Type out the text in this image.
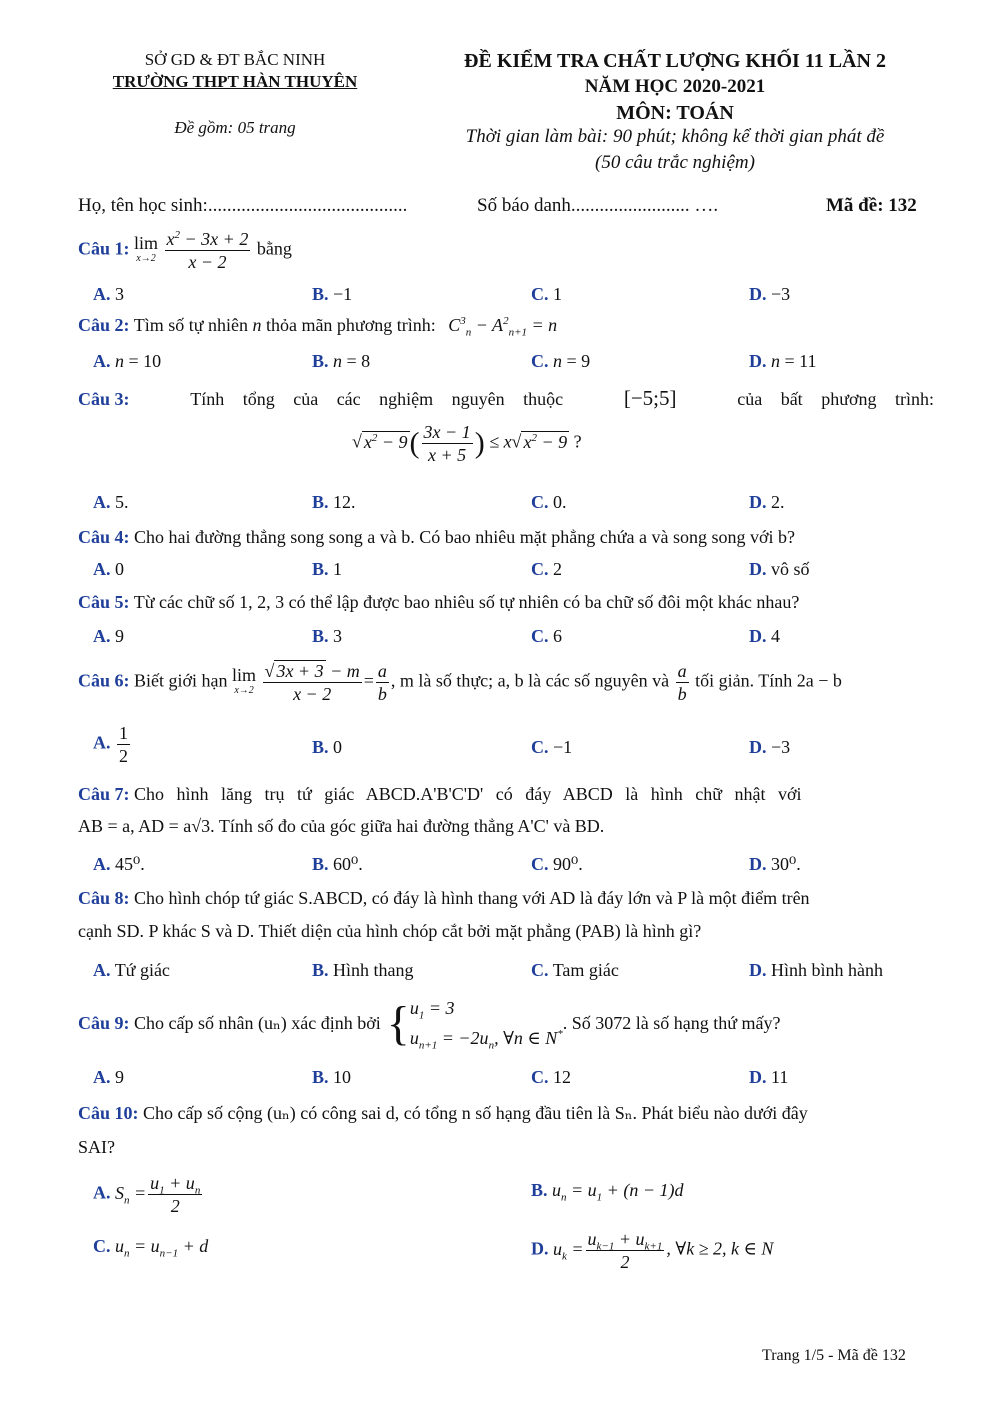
SỞ GD & ĐT BẮC NINH
TRƯỜNG THPT HÀN THUYÊN
Đề gồm: 05 trang
ĐỀ KIỂM TRA CHẤT LƯỢNG KHỐI 11 LẦN 2
NĂM HỌC 2020-2021
MÔN: TOÁN
Thời gian làm bài: 90 phút; không kể thời gian phát đề
(50 câu trắc nghiệm)
Họ, tên học sinh:..........................................	Số báo danh......................... ….	Mã đề: 132
Câu 1: lim
x→2
$\frac{x^2 - 3x + 2}{x - 2}$ bằng
A. 3	B. −1	C. 1	D. −3
Câu 2: Tìm số tự nhiên n thỏa mãn phương trình: $C^3_n - A^2_{n+1} = n$
A. n = 10	B. n = 8	C. n = 9	D. n = 11
Câu 3:	Tính tổng của các nghiệm nguyên thuộc	[−5;5]	của bất phương trình:
√ $x^2 - 9( \frac{3x - 1}{x + 5}$ ) ≤ x√ $x^2 - 9$ ?
A. 5.	B. 12.	C. 0.	D. 2.
Câu 4: Cho hai đường thẳng song song a và b. Có bao nhiêu mặt phẳng chứa a và song song với b?
A. 0	B. 1	C. 2	D. vô số
Câu 5: Từ các chữ số 1, 2, 3 có thể lập được bao nhiêu số tự nhiên có ba chữ số đôi một khác nhau?
A. 9	B. 3	C. 6	D. 4
Câu 6: Biết giới hạn lim
x→2
$\frac{√ 3x + 3 - m}{x - 2} = \frac{a}{b}$ , m là số thực; a, b là các số nguyên và $\frac{a}{b}$ tối giản. Tính 2a − b
A. $\frac{1}{2}$	B. 0	C. −1	D. −3
Câu 7: Cho hình lăng trụ tứ giác ABCD.A'B'C'D' có đáy ABCD là hình chữ nhật với
AB = a, AD = a√3. Tính số đo của góc giữa hai đường thẳng A'C' và BD.
A. 45⁰.	B. 60⁰.	C. 90⁰.	D. 30⁰.
Câu 8: Cho hình chóp tứ giác S.ABCD, có đáy là hình thang với AD là đáy lớn và P là một điểm trên
cạnh SD. P khác S và D. Thiết diện của hình chóp cắt bởi mặt phẳng (PAB) là hình gì?
A. Tứ giác	B. Hình thang	C. Tam giác	D. Hình bình hành
Câu 9:
Cho cấp số nhân (uₙ) xác định bởi { $u_1 = 3$
$u_{n+1} = -2u_n$, ∀n ∈ N*
. Số 3072 là số hạng thứ mấy?
A. 9	B. 10	C. 12	D. 11
Câu 10: Cho cấp số cộng (uₙ) có công sai d, có tổng n số hạng đầu tiên là Sₙ. Phát biểu nào dưới đây
SAI?
A. $S_n = \frac{u_1 + u_n}{2}$	B. $u_n = u_1 + (n - 1)d$
C. $u_n = u_{n-1} + d$	D. $u_k = \frac{u_{k-1} + u_{k+1}}{2}$ , ∀k ≥ 2, k ∈ N
Trang 1/5 - Mã đề 132
